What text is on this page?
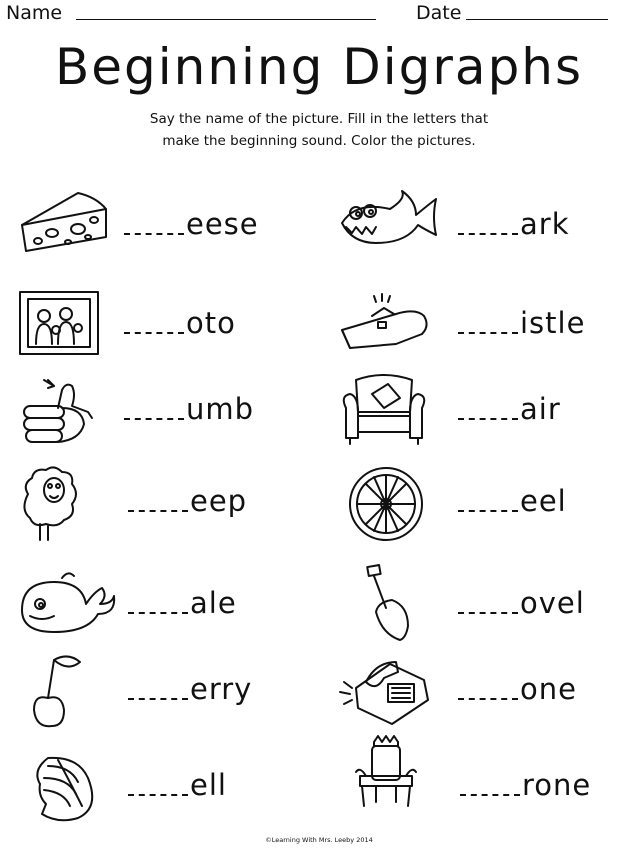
Name	Date
Beginning Digraphs
Say the name of the picture. Fill in the letters that
make the beginning sound. Color the pictures.
eese	ark
oto	istle
umb	air
eep	eel
ale	ovel
erry	one
ell	rone
©Learning With Mrs. Leeby 2014
